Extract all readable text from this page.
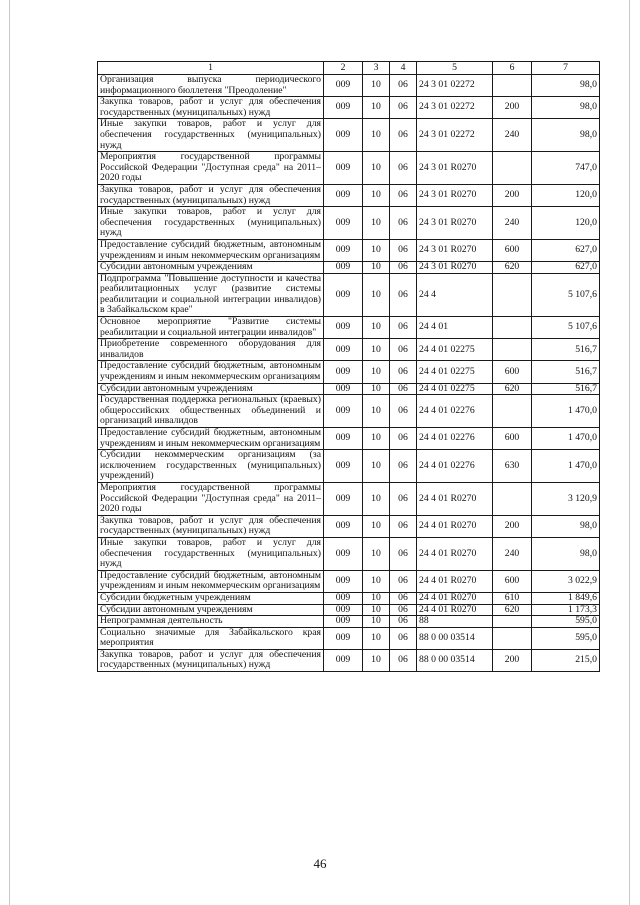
1	2	3	4	5	6	7
Организация выпуска периодического информационного бюллетеня "Преодоление"	009	10	06	24 3 01 02272		98,0
Закупка товаров, работ и услуг для обеспечения государственных (муниципальных) нужд	009	10	06	24 3 01 02272	200	98,0
Иные закупки товаров, работ и услуг для обеспечения государственных (муниципальных) нужд	009	10	06	24 3 01 02272	240	98,0
Мероприятия государственной программы Российской Федерации "Доступная среда" на 2011–2020 годы	009	10	06	24 3 01 R0270		747,0
Закупка товаров, работ и услуг для обеспечения государственных (муниципальных) нужд	009	10	06	24 3 01 R0270	200	120,0
Иные закупки товаров, работ и услуг для обеспечения государственных (муниципальных) нужд	009	10	06	24 3 01 R0270	240	120,0
Предоставление субсидий бюджетным, автономным учреждениям и иным некоммерческим организациям	009	10	06	24 3 01 R0270	600	627,0
Субсидии автономным учреждениям	009	10	06	24 3 01 R0270	620	627,0
Подпрограмма "Повышение доступности и качества реабилитационных услуг (развитие системы реабилитации и социальной интеграции инвалидов) в Забайкальском крае"	009	10	06	24 4		5 107,6
Основное мероприятие "Развитие системы реабилитации и социальной интеграции инвалидов"	009	10	06	24 4 01		5 107,6
Приобретение современного оборудования для инвалидов	009	10	06	24 4 01 02275		516,7
Предоставление субсидий бюджетным, автономным учреждениям и иным некоммерческим организациям	009	10	06	24 4 01 02275	600	516,7
Субсидии автономным учреждениям	009	10	06	24 4 01 02275	620	516,7
Государственная поддержка региональных (краевых) общероссийских общественных объединений и организаций инвалидов	009	10	06	24 4 01 02276		1 470,0
Предоставление субсидий бюджетным, автономным учреждениям и иным некоммерческим организациям	009	10	06	24 4 01 02276	600	1 470,0
Субсидии некоммерческим организациям (за исключением государственных (муниципальных) учреждений)	009	10	06	24 4 01 02276	630	1 470,0
Мероприятия государственной программы Российской Федерации "Доступная среда" на 2011–2020 годы	009	10	06	24 4 01 R0270		3 120,9
Закупка товаров, работ и услуг для обеспечения государственных (муниципальных) нужд	009	10	06	24 4 01 R0270	200	98,0
Иные закупки товаров, работ и услуг для обеспечения государственных (муниципальных) нужд	009	10	06	24 4 01 R0270	240	98,0
Предоставление субсидий бюджетным, автономным учреждениям и иным некоммерческим организациям	009	10	06	24 4 01 R0270	600	3 022,9
Субсидии бюджетным учреждениям	009	10	06	24 4 01 R0270	610	1 849,6
Субсидии автономным учреждениям	009	10	06	24 4 01 R0270	620	1 173,3
Непрограммная деятельность	009	10	06	88		595,0
Социально значимые для Забайкальского края мероприятия	009	10	06	88 0 00 03514		595,0
Закупка товаров, работ и услуг для обеспечения государственных (муниципальных) нужд	009	10	06	88 0 00 03514	200	215,0
46
